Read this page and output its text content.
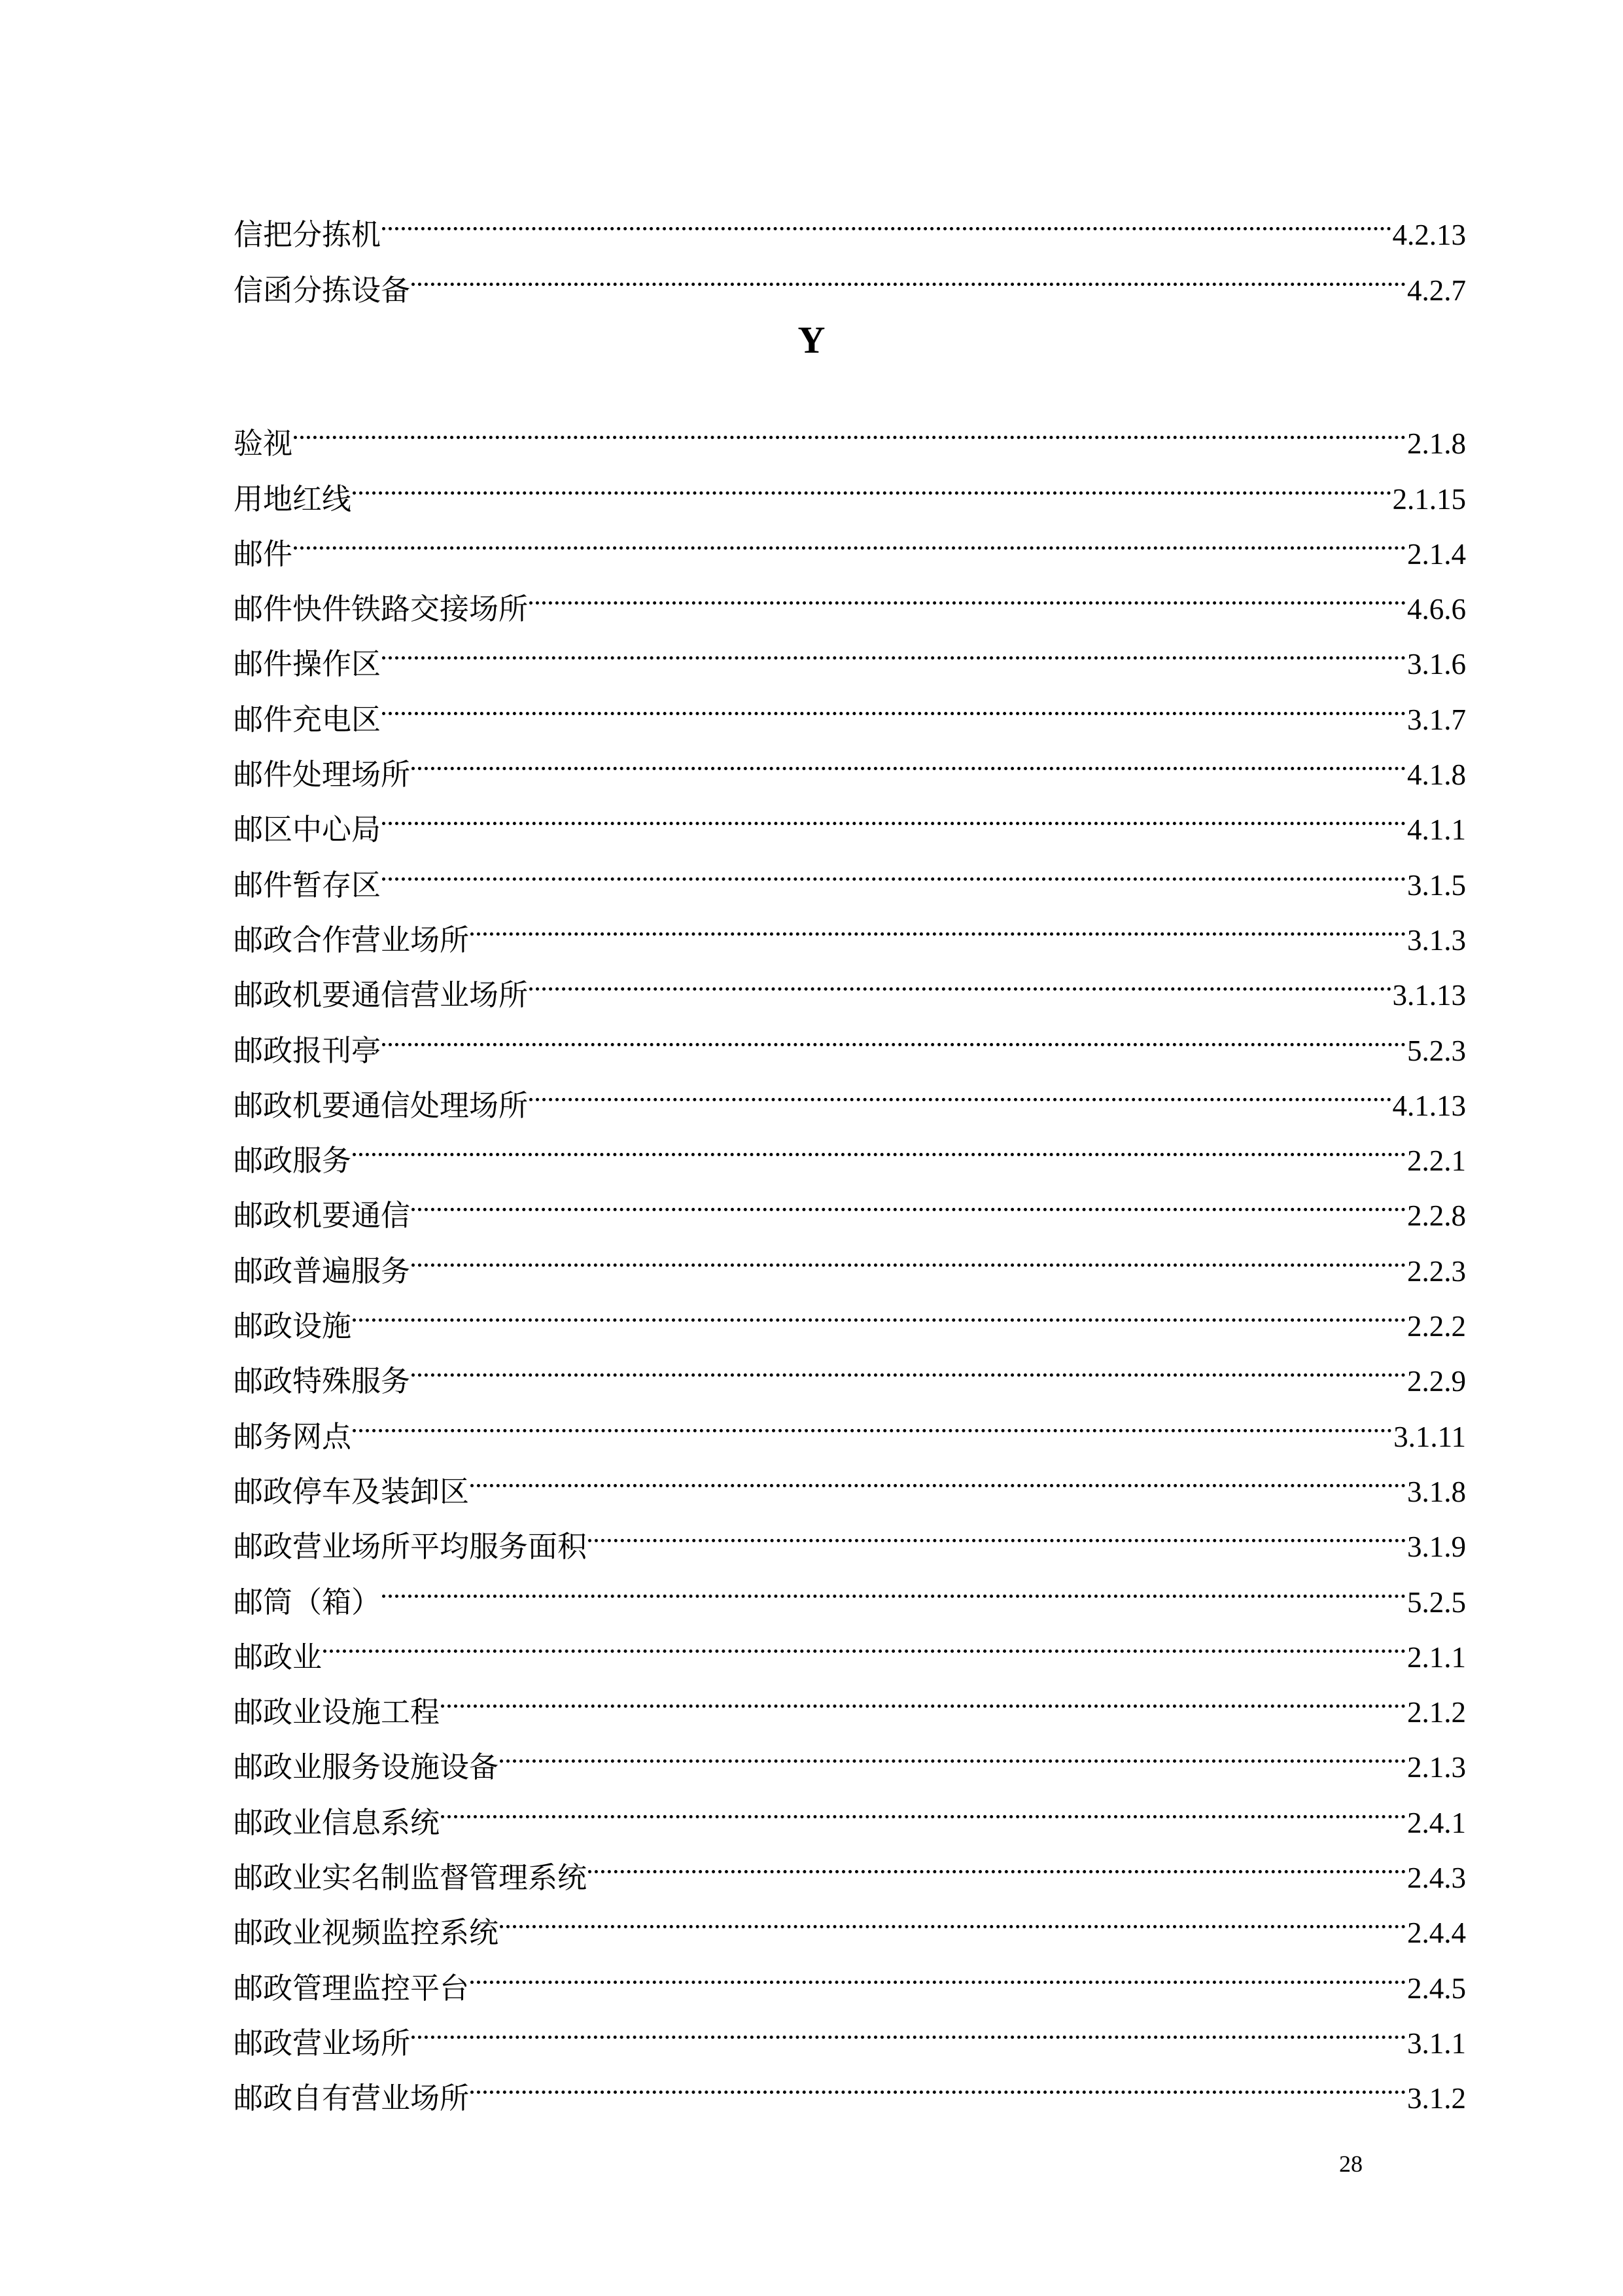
信把分拣机	4.2.13
信函分拣设备	4.2.7
Y
验视	2.1.8
用地红线	2.1.15
邮件	2.1.4
邮件快件铁路交接场所	4.6.6
邮件操作区	3.1.6
邮件充电区	3.1.7
邮件处理场所	4.1.8
邮区中心局	4.1.1
邮件暂存区	3.1.5
邮政合作营业场所	3.1.3
邮政机要通信营业场所	3.1.13
邮政报刊亭	5.2.3
邮政机要通信处理场所	4.1.13
邮政服务	2.2.1
邮政机要通信	2.2.8
邮政普遍服务	2.2.3
邮政设施	2.2.2
邮政特殊服务	2.2.9
邮务网点	3.1.11
邮政停车及装卸区	3.1.8
邮政营业场所平均服务面积	3.1.9
邮筒（箱）	5.2.5
邮政业	2.1.1
邮政业设施工程	2.1.2
邮政业服务设施设备	2.1.3
邮政业信息系统	2.4.1
邮政业实名制监督管理系统	2.4.3
邮政业视频监控系统	2.4.4
邮政管理监控平台	2.4.5
邮政营业场所	3.1.1
邮政自有营业场所	3.1.2
28
